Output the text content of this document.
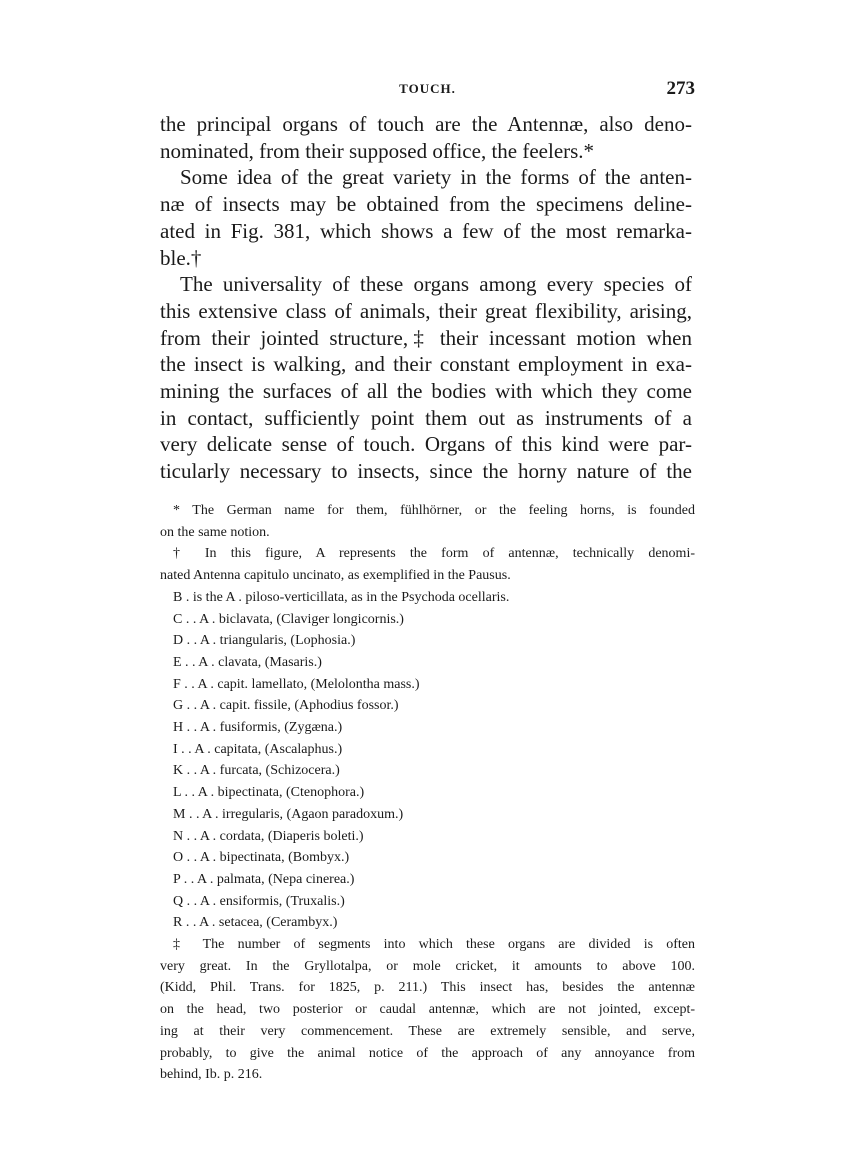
TOUCH.	273
the principal organs of touch are the Antennæ, also deno-
nominated, from their supposed office, the feelers.*
Some idea of the great variety in the forms of the anten-
næ of insects may be obtained from the specimens deline-
ated in Fig. 381, which shows a few of the most remarka-
ble.†
The universality of these organs among every species of
this extensive class of animals, their great flexibility, arising,
from their jointed structure,‡ their incessant motion when
the insect is walking, and their constant employment in exa-
mining the surfaces of all the bodies with which they come
in contact, sufficiently point them out as instruments of a
very delicate sense of touch. Organs of this kind were par-
ticularly necessary to insects, since the horny nature of the
* The German name for them, fühlhörner, or the feeling horns, is founded
on the same notion.
† In this figure, A represents the form of antennæ, technically denomi-
nated Antenna capitulo uncinato, as exemplified in the Pausus.
B . is the A . piloso-verticillata, as in the Psychoda ocellaris.
C . . A . biclavata, (Claviger longicornis.)
D . . A . triangularis, (Lophosia.)
E . . A . clavata, (Masaris.)
F . . A . capit. lamellato, (Melolontha mass.)
G . . A . capit. fissile, (Aphodius fossor.)
H . . A . fusiformis, (Zygæna.)
I . . A . capitata, (Ascalaphus.)
K . . A . furcata, (Schizocera.)
L . . A . bipectinata, (Ctenophora.)
M . . A . irregularis, (Agaon paradoxum.)
N . . A . cordata, (Diaperis boleti.)
O . . A . bipectinata, (Bombyx.)
P . . A . palmata, (Nepa cinerea.)
Q . . A . ensiformis, (Truxalis.)
R . . A . setacea, (Cerambyx.)
‡ The number of segments into which these organs are divided is often
very great. In the Gryllotalpa, or mole cricket, it amounts to above 100.
(Kidd, Phil. Trans. for 1825, p. 211.) This insect has, besides the antennæ
on the head, two posterior or caudal antennæ, which are not jointed, except-
ing at their very commencement. These are extremely sensible, and serve,
probably, to give the animal notice of the approach of any annoyance from
behind, Ib. p. 216.
